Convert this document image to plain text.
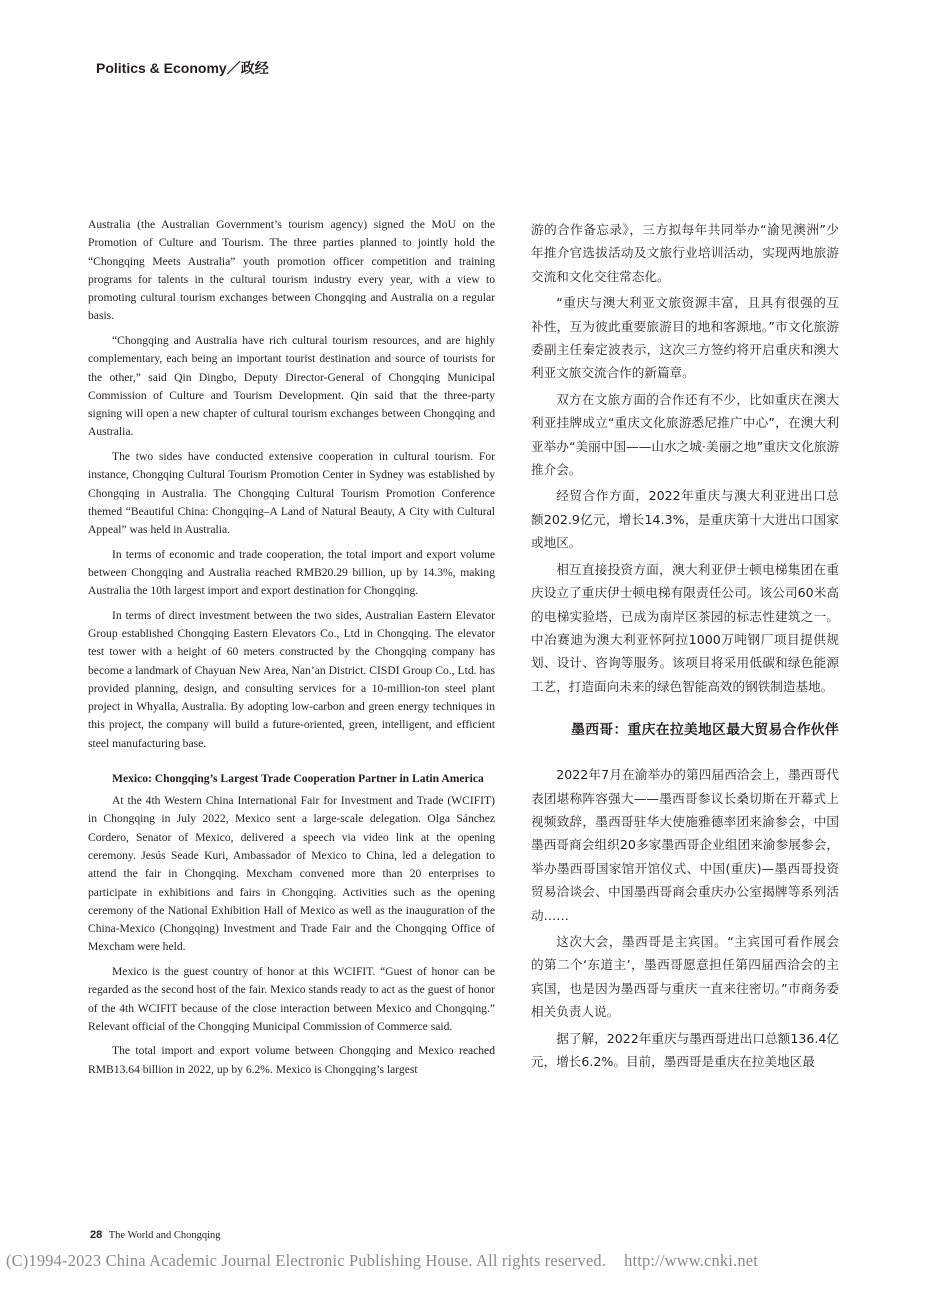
Politics & Economy／政经

Australia (the Australian Government’s tourism agency) signed the MoU on the Promotion of Culture and Tourism. The three parties planned to jointly hold the “Chongqing Meets Australia” youth promotion officer competition and training programs for talents in the cultural tourism industry every year, with a view to promoting cultural tourism exchanges between Chongqing and Australia on a regular basis.

“Chongqing and Australia have rich cultural tourism resources, and are highly complementary, each being an important tourist destination and source of tourists for the other,” said Qin Dingbo, Deputy Director-General of Chongqing Municipal Commission of Culture and Tourism Development. Qin said that the three-party signing will open a new chapter of cultural tourism exchanges between Chongqing and Australia.

The two sides have conducted extensive cooperation in cultural tourism. For instance, Chongqing Cultural Tourism Promotion Center in Sydney was established by Chongqing in Australia. The Chongqing Cultural Tourism Promotion Conference themed “Beautiful China: Chongqing–A Land of Natural Beauty, A City with Cultural Appeal” was held in Australia.

In terms of economic and trade cooperation, the total import and export volume between Chongqing and Australia reached RMB20.29 billion, up by 14.3%, making Australia the 10th largest import and export destination for Chongqing.

In terms of direct investment between the two sides, Australian Eastern Elevator Group established Chongqing Eastern Elevators Co., Ltd in Chongqing. The elevator test tower with a height of 60 meters constructed by the Chongqing company has become a landmark of Chayuan New Area, Nan’an District. CISDI Group Co., Ltd. has provided planning, design, and consulting services for a 10-million-ton steel plant project in Whyalla, Australia. By adopting low-carbon and green energy techniques in this project, the company will build a future-oriented, green, intelligent, and efficient steel manufacturing base.

Mexico: Chongqing’s Largest Trade Cooperation Partner in Latin America

At the 4th Western China International Fair for Investment and Trade (WCIFIT) in Chongqing in July 2022, Mexico sent a large-scale delegation. Olga Sánchez Cordero, Senator of Mexico, delivered a speech via video link at the opening ceremony. Jesús Seade Kuri, Ambassador of Mexico to China, led a delegation to attend the fair in Chongqing. Mexcham convened more than 20 enterprises to participate in exhibitions and fairs in Chongqing. Activities such as the opening ceremony of the National Exhibition Hall of Mexico as well as the inauguration of the China-Mexico (Chongqing) Investment and Trade Fair and the Chongqing Office of Mexcham were held.

Mexico is the guest country of honor at this WCIFIT. “Guest of honor can be regarded as the second host of the fair. Mexico stands ready to act as the guest of honor of the 4th WCIFIT because of the close interaction between Mexico and Chongqing.” Relevant official of the Chongqing Municipal Commission of Commerce said.

The total import and export volume between Chongqing and Mexico reached RMB13.64 billion in 2022, up by 6.2%. Mexico is Chongqing’s largest

游的合作备忘录》，三方拟每年共同举办“渝见澳洲”少年推介官选拔活动及文旅行业培训活动，实现两地旅游交流和文化交往常态化。

“重庆与澳大利亚文旅资源丰富，且具有很强的互补性，互为彼此重要旅游目的地和客源地。”市文化旅游委副主任秦定波表示，这次三方签约将开启重庆和澳大利亚文旅交流合作的新篇章。

双方在文旅方面的合作还有不少，比如重庆在澳大利亚挂牌成立“重庆文化旅游悉尼推广中心”，在澳大利亚举办“美丽中国——山水之城·美丽之地”重庆文化旅游推介会。

经贸合作方面，2022年重庆与澳大利亚进出口总额202.9亿元，增长14.3%，是重庆第十大进出口国家或地区。

相互直接投资方面，澳大利亚伊士顿电梯集团在重庆设立了重庆伊士顿电梯有限责任公司。该公司60米高的电梯实验塔，已成为南岸区茶园的标志性建筑之一。中冶赛迪为澳大利亚怀阿拉1000万吨钢厂项目提供规划、设计、咨询等服务。该项目将采用低碳和绿色能源工艺，打造面向未来的绿色智能高效的钢铁制造基地。

墨西哥：重庆在拉美地区最大贸易合作伙伴

2022年7月在渝举办的第四届西洽会上，墨西哥代表团堪称阵容强大——墨西哥参议长桑切斯在开幕式上视频致辞，墨西哥驻华大使施雅德率团来渝参会，中国墨西哥商会组织20多家墨西哥企业组团来渝参展参会，举办墨西哥国家馆开馆仪式、中国(重庆)—墨西哥投资贸易洽谈会、中国墨西哥商会重庆办公室揭牌等系列活动……

这次大会，墨西哥是主宾国。“主宾国可看作展会的第二个‘东道主’，墨西哥愿意担任第四届西洽会的主宾国，也是因为墨西哥与重庆一直来往密切。”市商务委相关负责人说。

据了解，2022年重庆与墨西哥进出口总额136.4亿元，增长6.2%。目前，墨西哥是重庆在拉美地区最

28 The World and Chongqing
(C)1994-2023 China Academic Journal Electronic Publishing House. All rights reserved. http://www.cnki.net
